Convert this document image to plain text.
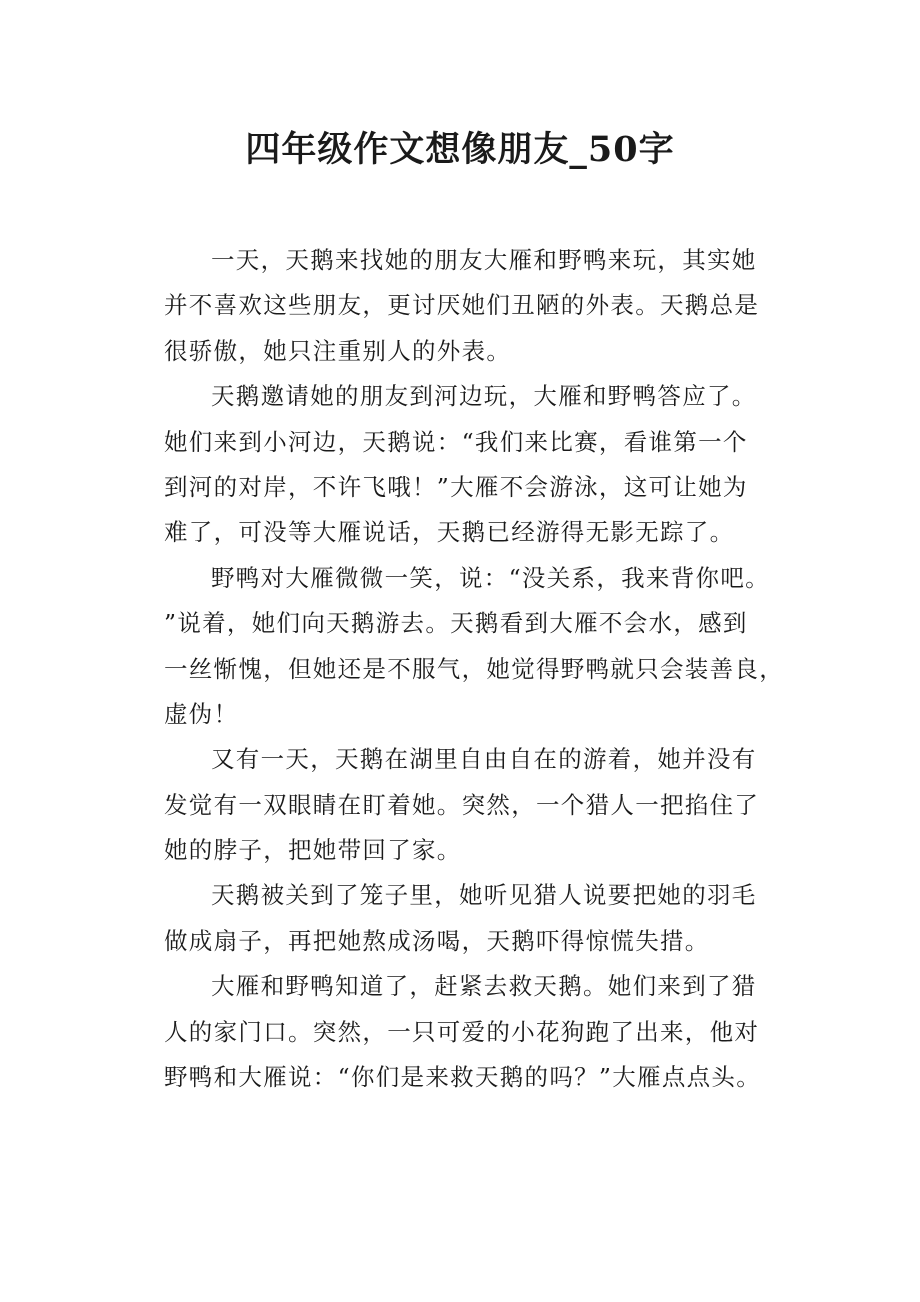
四年级作文想像朋友_50字

一天，天鹅来找她的朋友大雁和野鸭来玩，其实她

并不喜欢这些朋友，更讨厌她们丑陋的外表。天鹅总是

很骄傲，她只注重别人的外表。

天鹅邀请她的朋友到河边玩，大雁和野鸭答应了。

她们来到小河边，天鹅说：“我们来比赛，看谁第一个

到河的对岸，不许飞哦！”大雁不会游泳，这可让她为

难了，可没等大雁说话，天鹅已经游得无影无踪了。

野鸭对大雁微微一笑，说：“没关系，我来背你吧。

”说着，她们向天鹅游去。天鹅看到大雁不会水，感到

一丝惭愧，但她还是不服气，她觉得野鸭就只会装善良，

虚伪！

又有一天，天鹅在湖里自由自在的游着，她并没有

发觉有一双眼睛在盯着她。突然，一个猎人一把掐住了

她的脖子，把她带回了家。

天鹅被关到了笼子里，她听见猎人说要把她的羽毛

做成扇子，再把她熬成汤喝，天鹅吓得惊慌失措。

大雁和野鸭知道了，赶紧去救天鹅。她们来到了猎

人的家门口。突然，一只可爱的小花狗跑了出来，他对

野鸭和大雁说：“你们是来救天鹅的吗？”大雁点点头。
